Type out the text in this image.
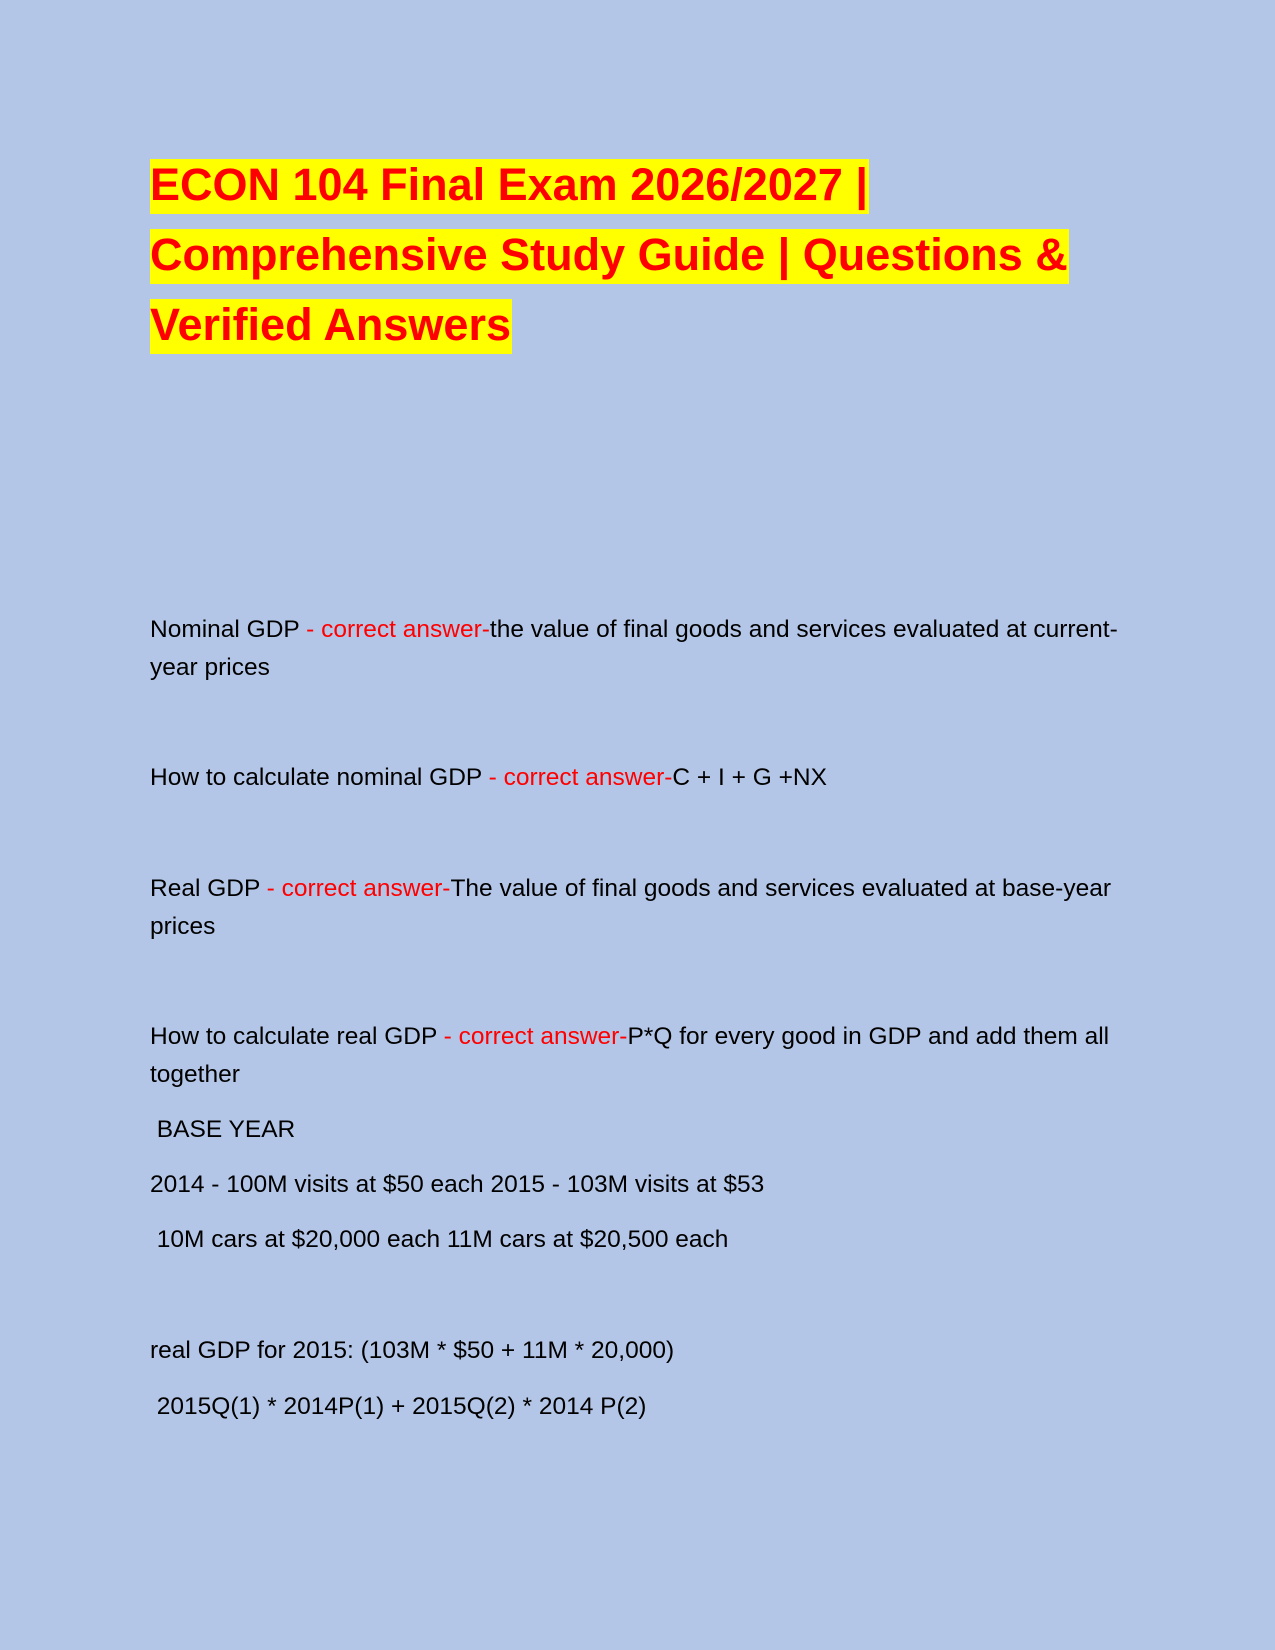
ECON 104 Final Exam 2026/2027 |
Comprehensive Study Guide | Questions &
Verified Answers

Nominal GDP - correct answer-the value of final goods and services evaluated at current-year prices

How to calculate nominal GDP - correct answer-C + I + G +NX

Real GDP - correct answer-The value of final goods and services evaluated at base-year prices

How to calculate real GDP - correct answer-P*Q for every good in GDP and add them all together

BASE YEAR

2014 - 100M visits at $50 each 2015 - 103M visits at $53

10M cars at $20,000 each 11M cars at $20,500 each

real GDP for 2015: (103M * $50 + 11M * 20,000)

2015Q(1) * 2014P(1) + 2015Q(2) * 2014 P(2)
